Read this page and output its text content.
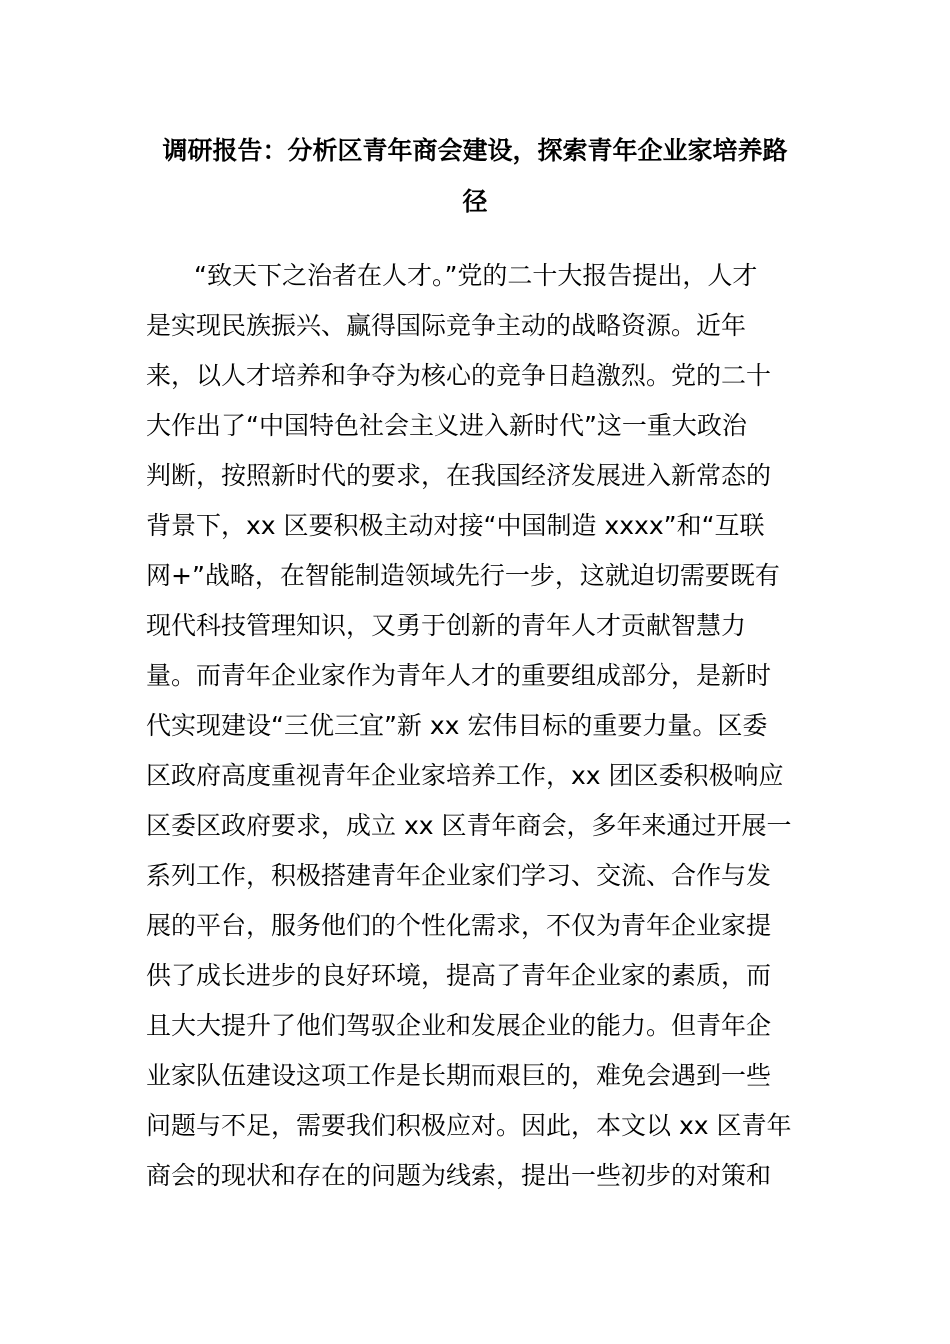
调研报告：分析区青年商会建设，探索青年企业家培养路
径
“致天下之治者在人才。”党的二十大报告提出，人才
是实现民族振兴、赢得国际竞争主动的战略资源。近年
来，以人才培养和争夺为核心的竞争日趋激烈。党的二十
大作出了“中国特色社会主义进入新时代”这一重大政治
判断，按照新时代的要求，在我国经济发展进入新常态的
背景下，xx 区要积极主动对接“中国制造 xxxx”和“互联
网+”战略，在智能制造领域先行一步，这就迫切需要既有
现代科技管理知识，又勇于创新的青年人才贡献智慧力
量。而青年企业家作为青年人才的重要组成部分，是新时
代实现建设“三优三宜”新 xx 宏伟目标的重要力量。区委
区政府高度重视青年企业家培养工作，xx 团区委积极响应
区委区政府要求，成立 xx 区青年商会，多年来通过开展一
系列工作，积极搭建青年企业家们学习、交流、合作与发
展的平台，服务他们的个性化需求，不仅为青年企业家提
供了成长进步的良好环境，提高了青年企业家的素质，而
且大大提升了他们驾驭企业和发展企业的能力。但青年企
业家队伍建设这项工作是长期而艰巨的，难免会遇到一些
问题与不足，需要我们积极应对。因此，本文以 xx 区青年
商会的现状和存在的问题为线索，提出一些初步的对策和
